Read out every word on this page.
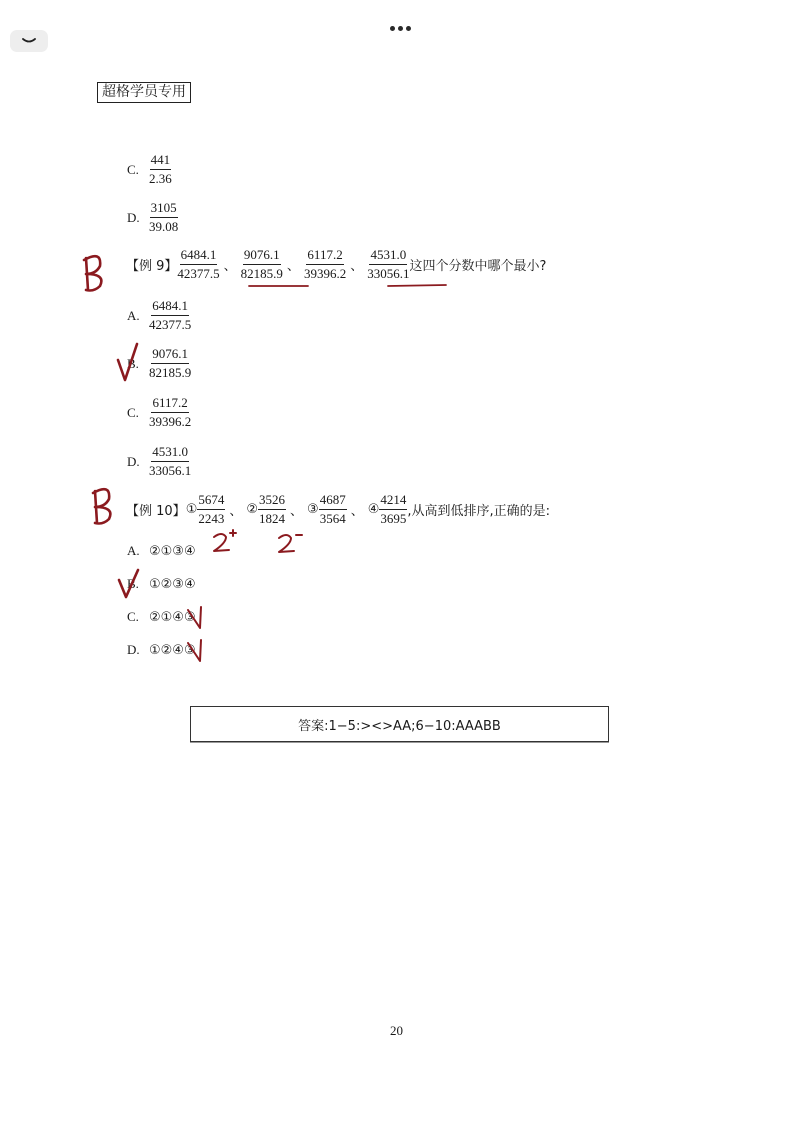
超格学员专用
C. $\frac{441}{2.36}$
D. $\frac{3105}{39.08}$
【例 9】 $\frac{6484.1}{42377.5}$ 、 $\frac{9076.1}{82185.9}$ 、 $\frac{6117.2}{39396.2}$ 、 $\frac{4531.0}{33056.1}$ 这四个分数中哪个最小?
A. $\frac{6484.1}{42377.5}$
B. $\frac{9076.1}{82185.9}$
C. $\frac{6117.2}{39396.2}$
D. $\frac{4531.0}{33056.1}$
【例 10】 ① $\frac{5674}{2243}$ 、 ② $\frac{3526}{1824}$ 、 ③ $\frac{4687}{3564}$ 、 ④ $\frac{4214}{3695}$ ,从高到低排序,正确的是:
A. ②①③④
B. ①②③④
C. ②①④③
D. ①②④③
答案:1−5:><>AA;6−10:AAABB
20
